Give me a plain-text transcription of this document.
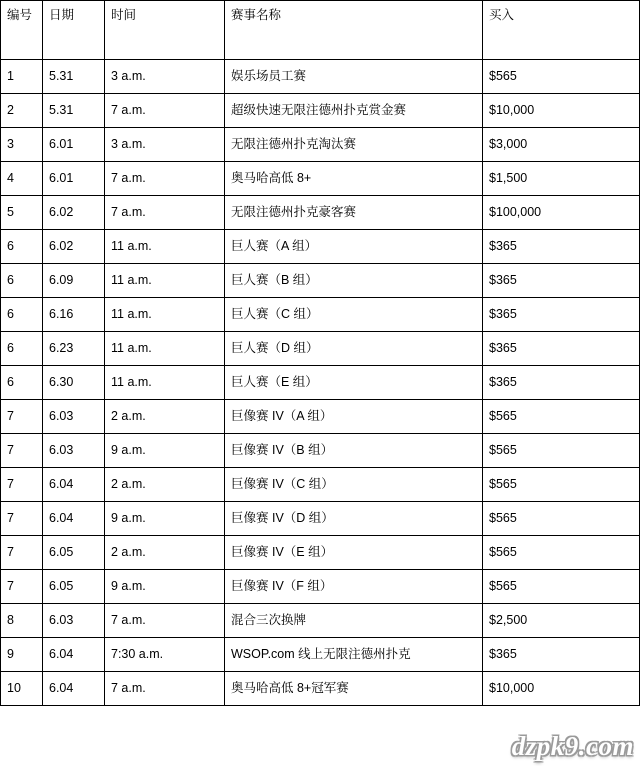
编号	日期	时间	赛事名称	买入
1	5.31	3 a.m.	娱乐场员工赛	$565
2	5.31	7 a.m.	超级快速无限注德州扑克赏金赛	$10,000
3	6.01	3 a.m.	无限注德州扑克淘汰赛	$3,000
4	6.01	7 a.m.	奥马哈高低 8+	$1,500
5	6.02	7 a.m.	无限注德州扑克豪客赛	$100,000
6	6.02	11 a.m.	巨人赛（A 组）	$365
6	6.09	11 a.m.	巨人赛（B 组）	$365
6	6.16	11 a.m.	巨人赛（C 组）	$365
6	6.23	11 a.m.	巨人赛（D 组）	$365
6	6.30	11 a.m.	巨人赛（E 组）	$365
7	6.03	2 a.m.	巨像赛 IV（A 组）	$565
7	6.03	9 a.m.	巨像赛 IV（B 组）	$565
7	6.04	2 a.m.	巨像赛 IV（C 组）	$565
7	6.04	9 a.m.	巨像赛 IV（D 组）	$565
7	6.05	2 a.m.	巨像赛 IV（E 组）	$565
7	6.05	9 a.m.	巨像赛 IV（F 组）	$565
8	6.03	7 a.m.	混合三次换牌	$2,500
9	6.04	7:30 a.m.	WSOP.com 线上无限注德州扑克	$365
10	6.04	7 a.m.	奥马哈高低 8+冠军赛	$10,000
dzpk9.com
